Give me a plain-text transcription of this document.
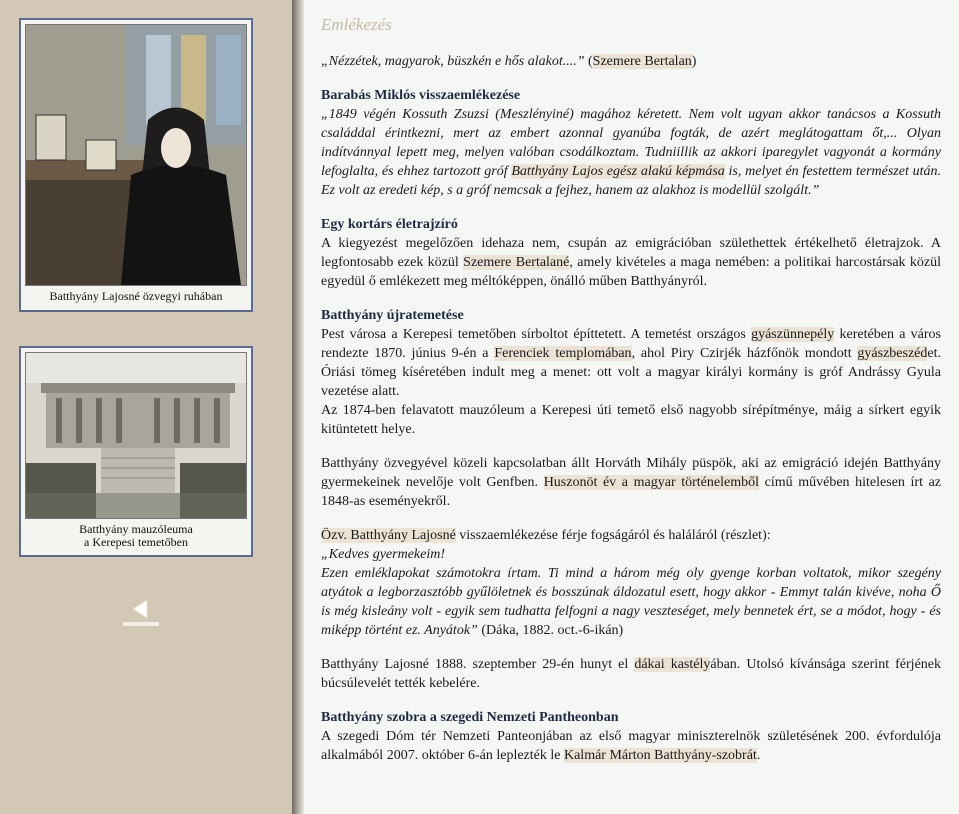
Batthyány Lajosné özvegyi ruhában
Batthyány mauzóleuma
a Kerepesi temetőben
Emlékezés

„Nézzétek, magyarok, büszkén e hős alakot....” (Szemere Bertalan)

Barabás Miklós visszaemlékezése
„1849 végén Kossuth Zsuzsi (Meszlényiné) magához kéretett. Nem volt ugyan akkor tanácsos a Kossuth családdal érintkezni, mert az embert azonnal gyanúba fogták, de azért meglátogattam őt,... Olyan indítvánnyal lepett meg, melyen valóban csodálkoztam. Tudniillik az akkori iparegylet vagyonát a kormány lefoglalta, és ehhez tartozott gróf Batthyány Lajos egész alakú képmása is, melyet én festettem természet után. Ez volt az eredeti kép, s a gróf nemcsak a fejhez, hanem az alakhoz is modellül szolgált.”

Egy kortárs életrajzíró
A kiegyezést megelőzően idehaza nem, csupán az emigrációban születhettek értékelhető életrajzok. A legfontosabb ezek közül Szemere Bertalané, amely kivételes a maga nemében: a politikai harcostársak közül egyedül ő emlékezett meg méltóképpen, önálló műben Batthyányról.

Batthyány újratemetése
Pest városa a Kerepesi temetőben sírboltot építtetett. A temetést országos gyászünnepély keretében a város rendezte 1870. június 9-én a Ferenciek templomában, ahol Piry Czirjék házfőnök mondott gyászbeszédet. Óriási tömeg kíséretében indult meg a menet: ott volt a magyar királyi kormány is gróf Andrássy Gyula vezetése alatt.
Az 1874-ben felavatott mauzóleum a Kerepesi úti temető első nagyobb sírépítménye, máig a sírkert egyik kitüntetett helye.

Batthyány özvegyével közeli kapcsolatban állt Horváth Mihály püspök, aki az emigráció idején Batthyány gyermekeinek nevelője volt Genfben. Huszonöt év a magyar történelemből című művében hitelesen írt az 1848-as eseményekről.

Özv. Batthyány Lajosné visszaemlékezése férje fogságáról és haláláról (részlet):
„Kedves gyermekeim!
Ezen emléklapokat számotokra írtam. Ti mind a három még oly gyenge korban voltatok, mikor szegény atyátok a legborzasztóbb gyűlöletnek és bosszúnak áldozatul esett, hogy akkor - Emmyt talán kivéve, noha Ő is még kisleány volt - egyik sem tudhatta felfogni a nagy veszteséget, mely bennetek ért, se a módot, hogy - és miképp történt ez. Anyátok” (Dáka, 1882. oct.-6-ikán)

Batthyány Lajosné 1888. szeptember 29-én hunyt el dákai kastélyában. Utolsó kívánsága szerint férjének búcsúlevelét tették kebelére.

Batthyány szobra a szegedi Nemzeti Pantheonban
A szegedi Dóm tér Nemzeti Panteonjában az első magyar miniszterelnök születésének 200. évfordulója alkalmából 2007. október 6-án leplezték le Kalmár Márton Batthyány-szobrát.
